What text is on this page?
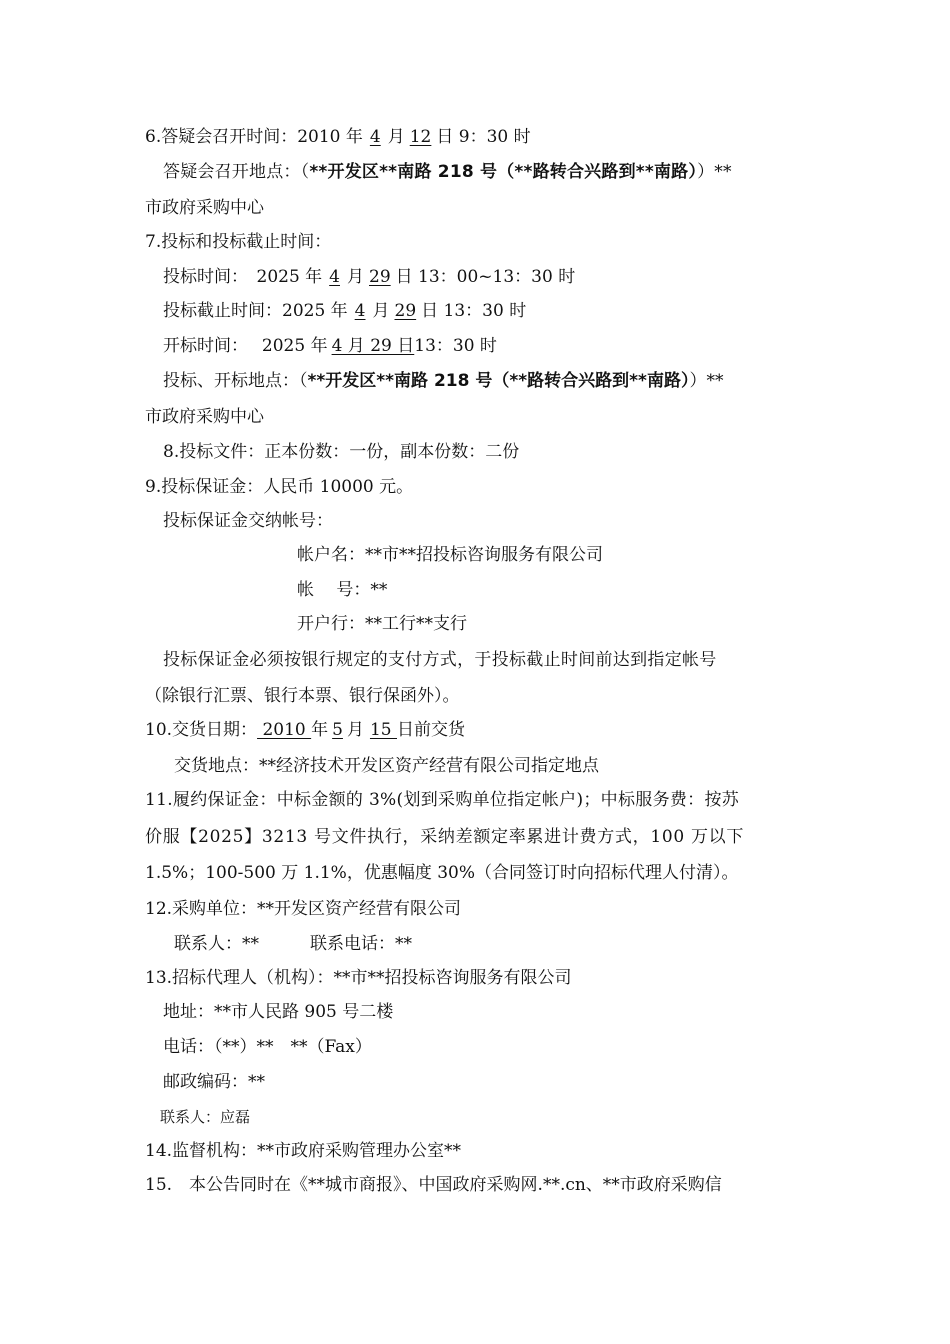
6.答疑会召开时间：2010 年 4 月 12 日 9：30 时
答疑会召开地点：（**开发区**南路 218 号（**路转合兴路到**南路））**
市政府采购中心
7.投标和投标截止时间：
投标时间：　2025 年 4 月 29 日 13：00~13：30 时
投标截止时间：2025 年 4 月 29 日 13：30 时
开标时间：　 2025 年 4 月 29 日13：30 时
投标、开标地点：（**开发区**南路 218 号（**路转合兴路到**南路））**
市政府采购中心
8.投标文件：正本份数：一份，副本份数：二份
9.投标保证金：人民币 10000 元。
投标保证金交纳帐号：
帐户名：**市**招投标咨询服务有限公司
帐　 号：**
开户行：**工行**支行
投标保证金必须按银行规定的支付方式，于投标截止时间前达到指定帐号
（除银行汇票、银行本票、银行保函外）。
10.交货日期： 2010 年 5 月 15 日前交货
交货地点：**经济技术开发区资产经营有限公司指定地点
11.履约保证金：中标金额的 3%(划到采购单位指定帐户)；中标服务费：按苏
价服【2025】3213 号文件执行，采纳差额定率累进计费方式，100 万以下
1.5%；100-500 万 1.1%，优惠幅度 30%（合同签订时向招标代理人付清）。
12.采购单位：**开发区资产经营有限公司
联系人：**　　　联系电话：**
13.招标代理人（机构）：**市**招投标咨询服务有限公司
地址：**市人民路 905 号二楼
电话：（**）**　**（Fax）
邮政编码：**
联系人：应磊
14.监督机构：**市政府采购管理办公室**
15.　本公告同时在《**城市商报》、中国政府采购网.**.cn、**市政府采购信
